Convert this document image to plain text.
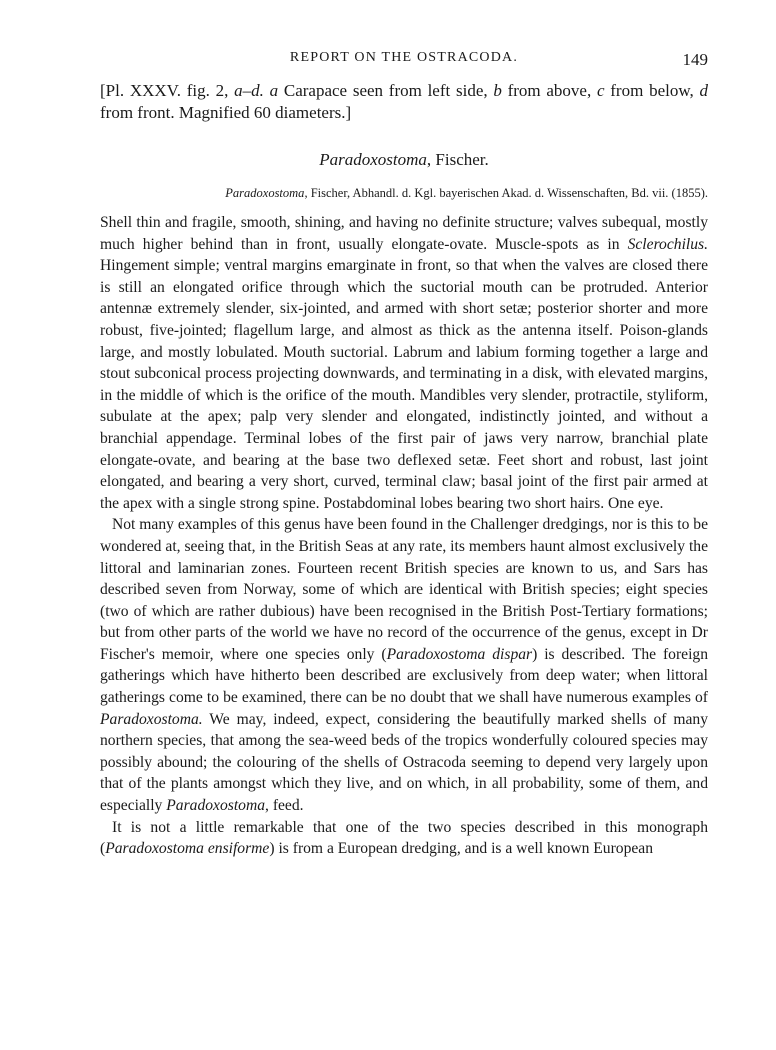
REPORT ON THE OSTRACODA.	149
[Pl. XXXV. fig. 2, a–d. a Carapace seen from left side, b from above, c from below, d from front. Magnified 60 diameters.]
Paradoxostoma, Fischer.
Paradoxostoma, Fischer, Abhandl. d. Kgl. bayerischen Akad. d. Wissenschaften, Bd. vii. (1855).

Shell thin and fragile, smooth, shining, and having no definite structure; valves subequal, mostly much higher behind than in front, usually elongate-ovate. Muscle-spots as in Sclerochilus. Hingement simple; ventral margins emarginate in front, so that when the valves are closed there is still an elongated orifice through which the suctorial mouth can be protruded. Anterior antennæ extremely slender, six-jointed, and armed with short setæ; posterior shorter and more robust, five-jointed; flagellum large, and almost as thick as the antenna itself. Poison-glands large, and mostly lobulated. Mouth suctorial. Labrum and labium forming together a large and stout subconical process projecting downwards, and terminating in a disk, with elevated margins, in the middle of which is the orifice of the mouth. Mandibles very slender, protractile, styliform, subulate at the apex; palp very slender and elongated, indistinctly jointed, and without a branchial appendage. Terminal lobes of the first pair of jaws very narrow, branchial plate elongate-ovate, and bearing at the base two deflexed setæ. Feet short and robust, last joint elongated, and bearing a very short, curved, terminal claw; basal joint of the first pair armed at the apex with a single strong spine. Postabdominal lobes bearing two short hairs. One eye.

Not many examples of this genus have been found in the Challenger dredgings, nor is this to be wondered at, seeing that, in the British Seas at any rate, its members haunt almost exclusively the littoral and laminarian zones. Fourteen recent British species are known to us, and Sars has described seven from Norway, some of which are identical with British species; eight species (two of which are rather dubious) have been recognised in the British Post-Tertiary formations; but from other parts of the world we have no record of the occurrence of the genus, except in Dr Fischer's memoir, where one species only (Paradoxostoma dispar) is described. The foreign gatherings which have hitherto been described are exclusively from deep water; when littoral gatherings come to be examined, there can be no doubt that we shall have numerous examples of Paradoxostoma. We may, indeed, expect, considering the beautifully marked shells of many northern species, that among the sea-weed beds of the tropics wonderfully coloured species may possibly abound; the colouring of the shells of Ostracoda seeming to depend very largely upon that of the plants amongst which they live, and on which, in all probability, some of them, and especially Paradoxostoma, feed.

It is not a little remarkable that one of the two species described in this monograph (Paradoxostoma ensiforme) is from a European dredging, and is a well known European
